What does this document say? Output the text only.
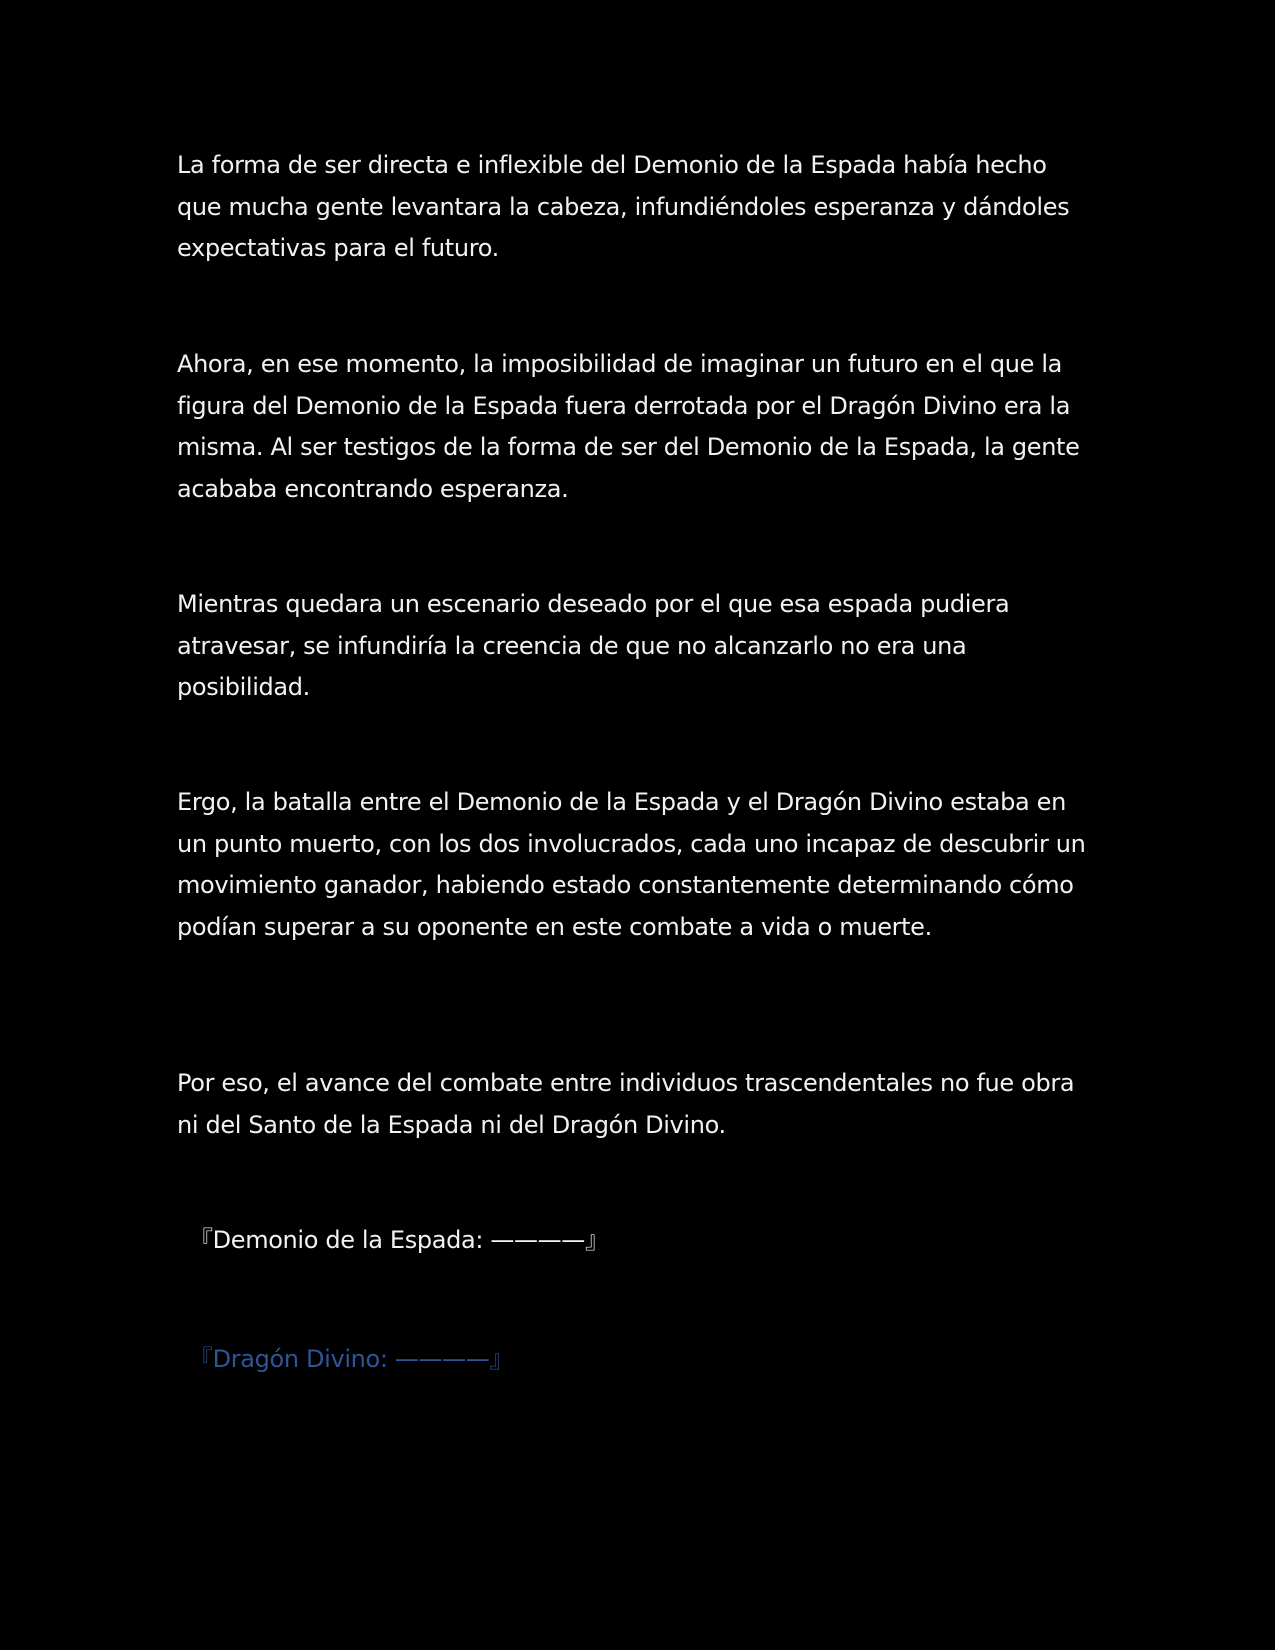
La forma de ser directa e inflexible del Demonio de la Espada había hecho que mucha gente levantara la cabeza, infundiéndoles esperanza y dándoles expectativas para el futuro.

Ahora, en ese momento, la imposibilidad de imaginar un futuro en el que la figura del Demonio de la Espada fuera derrotada por el Dragón Divino era la misma. Al ser testigos de la forma de ser del Demonio de la Espada, la gente acababa encontrando esperanza.

Mientras quedara un escenario deseado por el que esa espada pudiera atravesar, se infundiría la creencia de que no alcanzarlo no era una posibilidad.

Ergo, la batalla entre el Demonio de la Espada y el Dragón Divino estaba en un punto muerto, con los dos involucrados, cada uno incapaz de descubrir un movimiento ganador, habiendo estado constantemente determinando cómo podían superar a su oponente en este combate a vida o muerte.

Por eso, el avance del combate entre individuos trascendentales no fue obra ni del Santo de la Espada ni del Dragón Divino.

『Demonio de la Espada: ————』

『Dragón Divino: ————』
